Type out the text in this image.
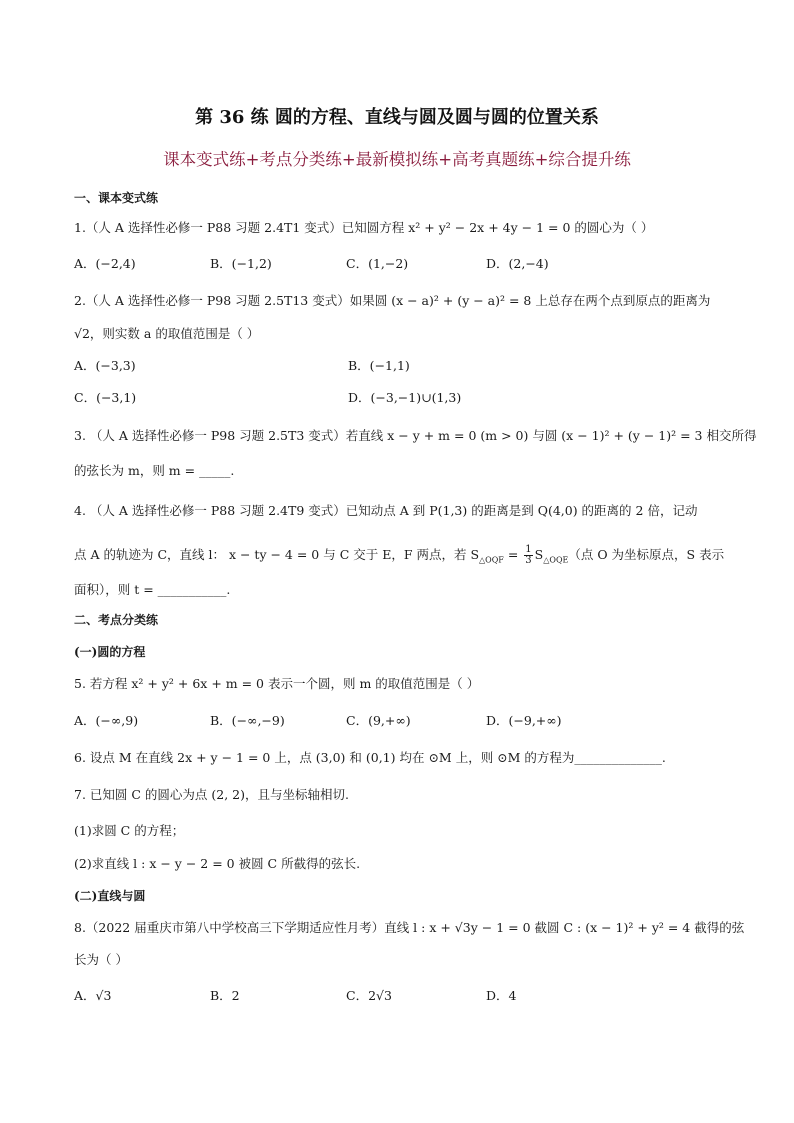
第 36 练 圆的方程、直线与圆及圆与圆的位置关系
课本变式练+考点分类练+最新模拟练+高考真题练+综合提升练
一、课本变式练
1.（人 A 选择性必修一 P88 习题 2.4T1 变式）已知圆方程 x² + y² − 2x + 4y − 1 = 0 的圆心为（ ）
A．(−2,4)	B．(−1,2)	C．(1,−2)	D．(2,−4)
2.（人 A 选择性必修一 P98 习题 2.5T13 变式）如果圆 (x − a)² + (y − a)² = 8 上总存在两个点到原点的距离为
√2，则实数 a 的取值范围是（ ）
A．(−3,3)	B．(−1,1)
C．(−3,1)	D．(−3,−1)∪(1,3)
3. （人 A 选择性必修一 P98 习题 2.5T3 变式）若直线 x − y + m = 0 (m > 0) 与圆 (x − 1)² + (y − 1)² = 3 相交所得
的弦长为 m，则 m = _____.
4. （人 A 选择性必修一 P88 习题 2.4T9 变式）已知动点 A 到 P(1,3) 的距离是到 Q(4,0) 的距离的 2 倍，记动
点 A 的轨迹为 C，直线 l： x − ty − 4 = 0 与 C 交于 E，F 两点，若 $S_{\triangle OQF} = \frac{1}{3} S_{\triangle OQE}$（点 O 为坐标原点，S 表示
面积），则 t = ___________.
二、考点分类练
(一)圆的方程
5. 若方程 x² + y² + 6x + m = 0 表示一个圆，则 m 的取值范围是（ ）
A．(−∞,9)	B．(−∞,−9)	C．(9,+∞)	D．(−9,+∞)
6. 设点 M 在直线 2x + y − 1 = 0 上，点 (3,0) 和 (0,1) 均在 ⊙M 上，则 ⊙M 的方程为______________.
7. 已知圆 C 的圆心为点 (2, 2)，且与坐标轴相切.
(1)求圆 C 的方程；
(2)求直线 l : x − y − 2 = 0 被圆 C 所截得的弦长.
(二)直线与圆
8.（2022 届重庆市第八中学校高三下学期适应性月考）直线 l : x + √3y − 1 = 0 截圆 C : (x − 1)² + y² = 4 截得的弦
长为（ ）
A．√3	B．2	C．2√3	D．4
